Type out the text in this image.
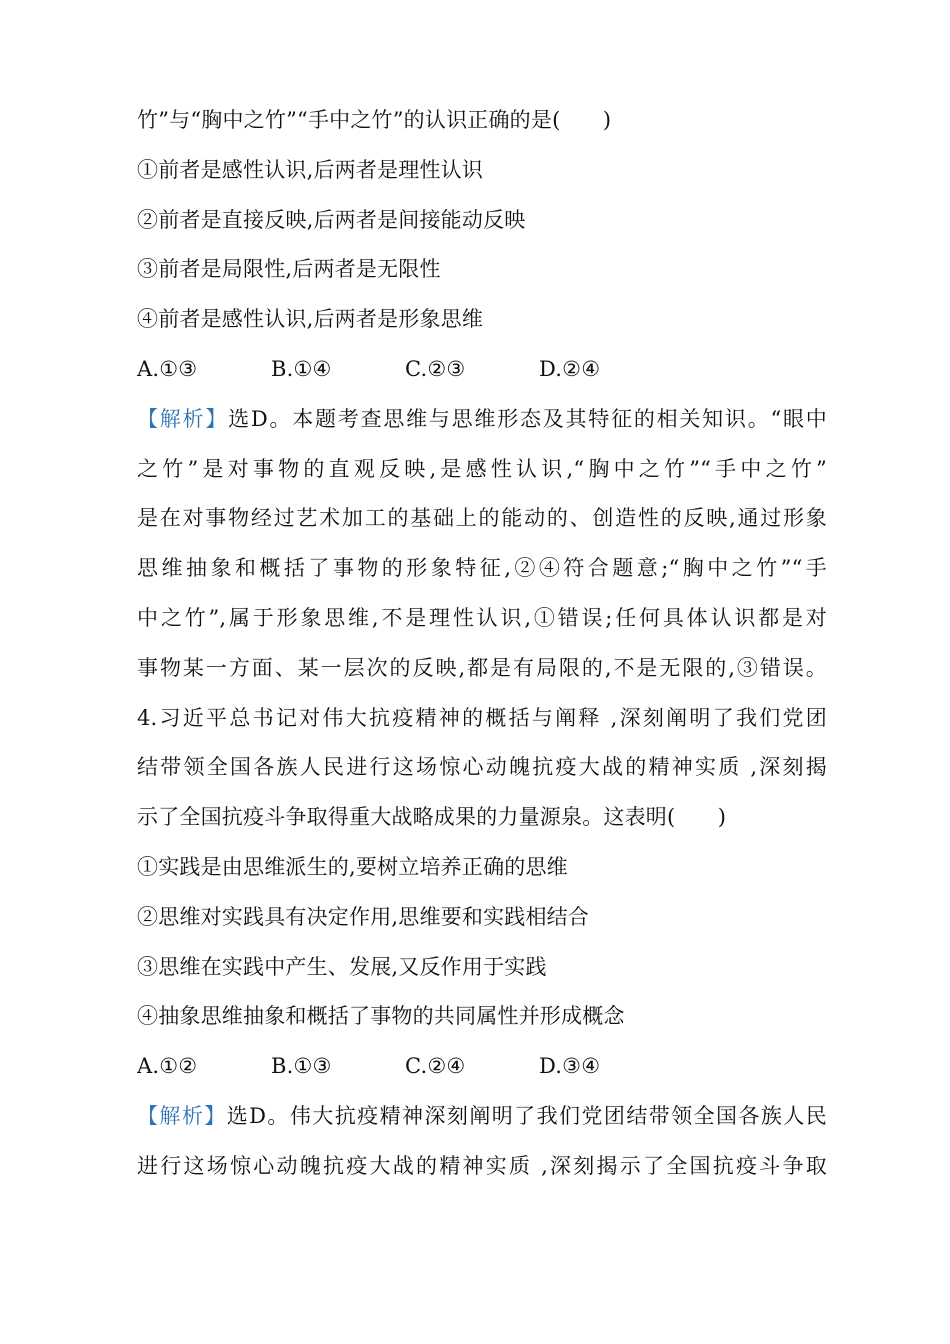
竹”与“胸中之竹”“手中之竹”的认识正确的是(　　)
①前者是感性认识,后两者是理性认识
②前者是直接反映,后两者是间接能动反映
③前者是局限性,后两者是无限性
④前者是感性认识,后两者是形象思维
A.①③	B.①④	C.②③	D.②④
【解析】选D。本题考查思维与思维形态及其特征的相关知识。“眼中
之竹”是对事物的直观反映,是感性认识,“胸中之竹”“手中之竹”
是在对事物经过艺术加工的基础上的能动的、创造性的反映,通过形象
思维抽象和概括了事物的形象特征,②④符合题意;“胸中之竹”“手
中之竹”,属于形象思维,不是理性认识,①错误;任何具体认识都是对
事物某一方面、某一层次的反映,都是有局限的,不是无限的,③错误。
4.习近平总书记对伟大抗疫精神的概括与阐释 ,深刻阐明了我们党团
结带领全国各族人民进行这场惊心动魄抗疫大战的精神实质 ,深刻揭
示了全国抗疫斗争取得重大战略成果的力量源泉。这表明(　　)
①实践是由思维派生的,要树立培养正确的思维
②思维对实践具有决定作用,思维要和实践相结合
③思维在实践中产生、发展,又反作用于实践
④抽象思维抽象和概括了事物的共同属性并形成概念
A.①②	B.①③	C.②④	D.③④
【解析】选D。伟大抗疫精神深刻阐明了我们党团结带领全国各族人民
进行这场惊心动魄抗疫大战的精神实质 ,深刻揭示了全国抗疫斗争取
